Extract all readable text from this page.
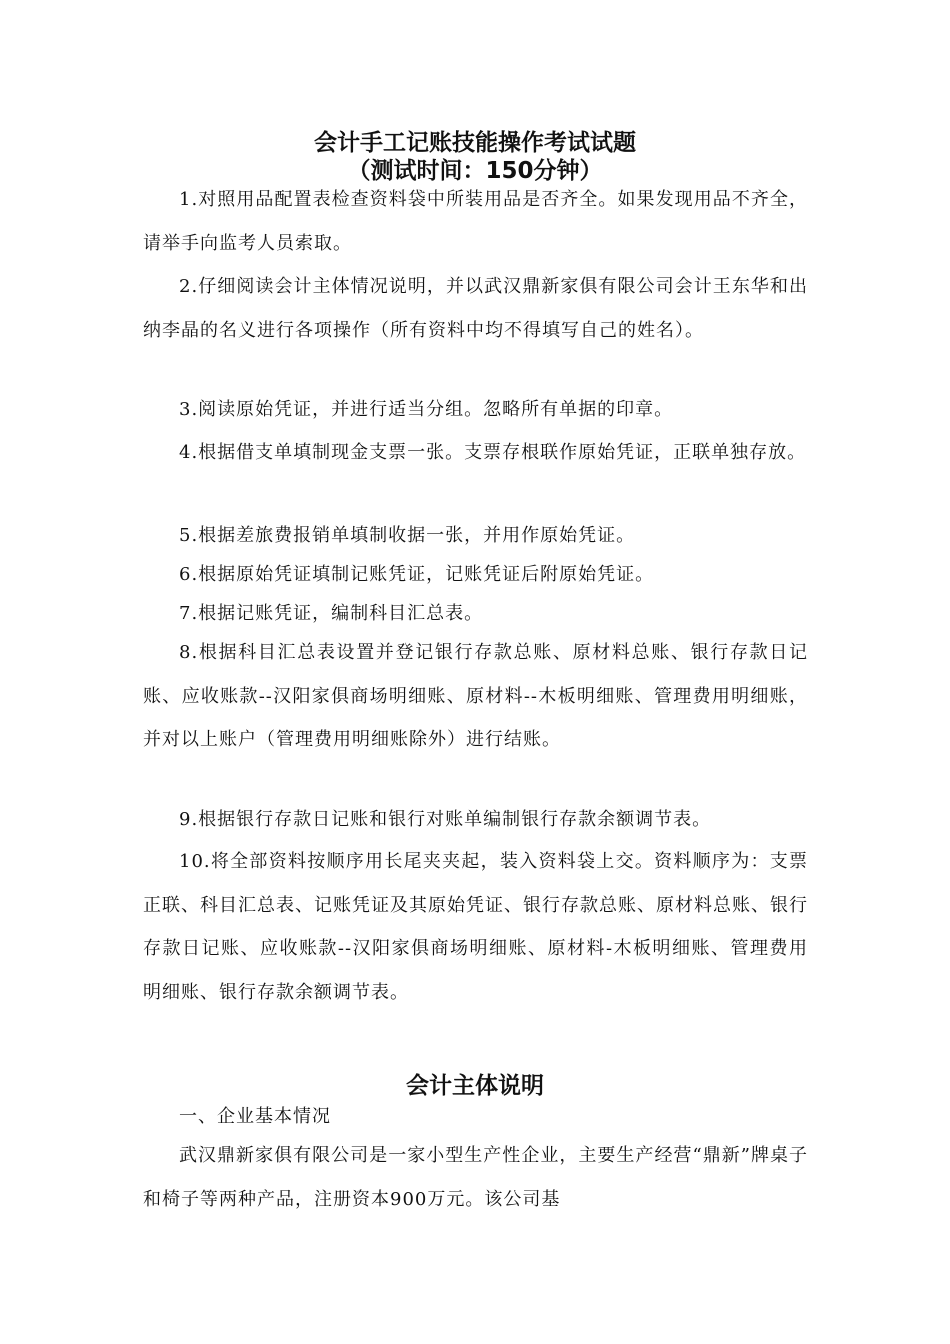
会计手工记账技能操作考试试题
（测试时间：150分钟）

1.对照用品配置表检查资料袋中所装用品是否齐全。如果发现用品不齐全，请举手向监考人员索取。

2.仔细阅读会计主体情况说明，并以武汉鼎新家俱有限公司会计王东华和出纳李晶的名义进行各项操作（所有资料中均不得填写自己的姓名）。

3.阅读原始凭证，并进行适当分组。忽略所有单据的印章。

4.根据借支单填制现金支票一张。支票存根联作原始凭证，正联单独存放。

5.根据差旅费报销单填制收据一张，并用作原始凭证。

6.根据原始凭证填制记账凭证，记账凭证后附原始凭证。

7.根据记账凭证，编制科目汇总表。

8.根据科目汇总表设置并登记银行存款总账、原材料总账、银行存款日记账、应收账款--汉阳家俱商场明细账、原材料--木板明细账、管理费用明细账，并对以上账户（管理费用明细账除外）进行结账。

9.根据银行存款日记账和银行对账单编制银行存款余额调节表。

10.将全部资料按顺序用长尾夹夹起，装入资料袋上交。资料顺序为：支票正联、科目汇总表、记账凭证及其原始凭证、银行存款总账、原材料总账、银行存款日记账、应收账款--汉阳家俱商场明细账、原材料-木板明细账、管理费用明细账、银行存款余额调节表。

会计主体说明

一、企业基本情况

武汉鼎新家俱有限公司是一家小型生产性企业，主要生产经营“鼎新”牌桌子和椅子等两种产品，注册资本900万元。该公司基
